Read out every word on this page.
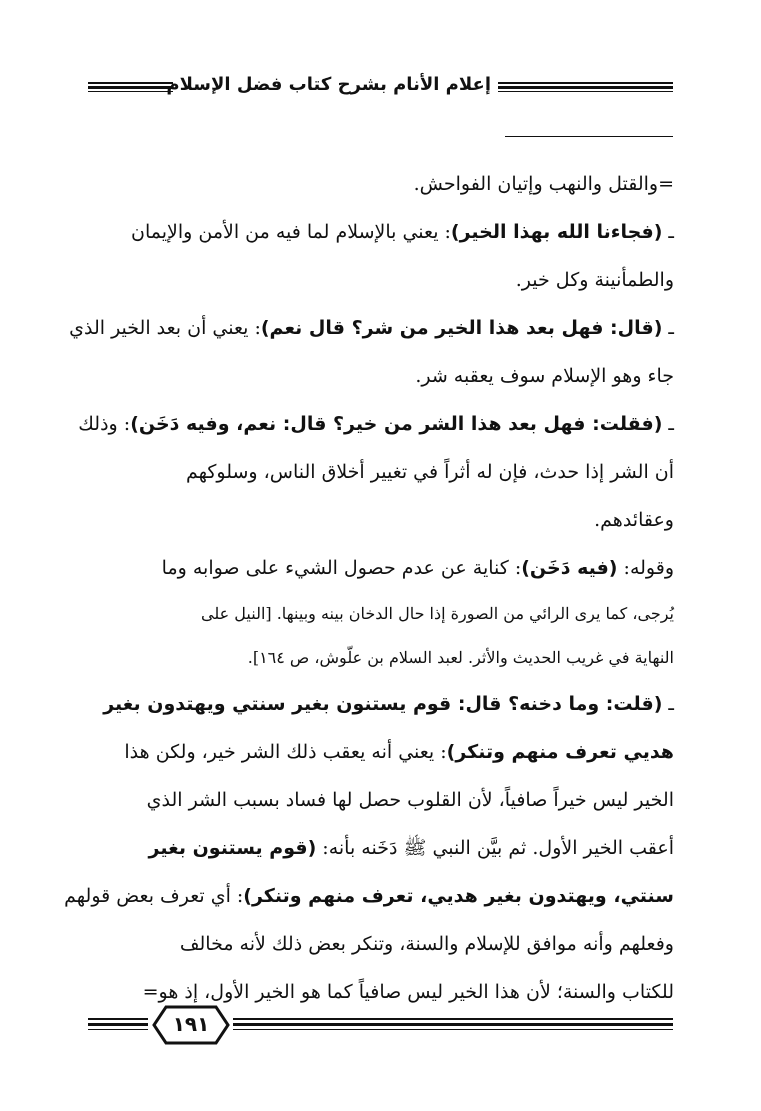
إعلام الأنام بشرح كتاب فضل الإسلام
=والقتل والنهب وإتيان الفواحش.
ـ (فجاءنا الله بهذا الخير): يعني بالإسلام لما فيه من الأمن والإيمان
والطمأنينة وكل خير.
ـ (قال: فهل بعد هذا الخير من شر؟ قال نعم): يعني أن بعد الخير الذي
جاء وهو الإسلام سوف يعقبه شر.
ـ (فقلت: فهل بعد هذا الشر من خير؟ قال: نعم، وفيه دَخَن): وذلك
أن الشر إذا حدث، فإن له أثراً في تغيير أخلاق الناس، وسلوكهم
وعقائدهم.
وقوله: (فيه دَخَن): كناية عن عدم حصول الشيء على صوابه وما
يُرجى، كما يرى الرائي من الصورة إذا حال الدخان بينه وبينها. [النيل على
النهاية في غريب الحديث والأثر. لعبد السلام بن علّوش، ص ١٦٤].
ـ (قلت: وما دخنه؟ قال: قوم يستنون بغير سنتي ويهتدون بغير
هديي تعرف منهم وتنكر): يعني أنه يعقب ذلك الشر خير، ولكن هذا
الخير ليس خيراً صافياً، لأن القلوب حصل لها فساد بسبب الشر الذي
أعقب الخير الأول. ثم بيَّن النبي ﷺ دَخَنه بأنه: (قوم يستنون بغير
سنتي، ويهتدون بغير هديي، تعرف منهم وتنكر): أي تعرف بعض قولهم
وفعلهم وأنه موافق للإسلام والسنة، وتنكر بعض ذلك لأنه مخالف
للكتاب والسنة؛ لأن هذا الخير ليس صافياً كما هو الخير الأول، إذ هو=
١٩١
